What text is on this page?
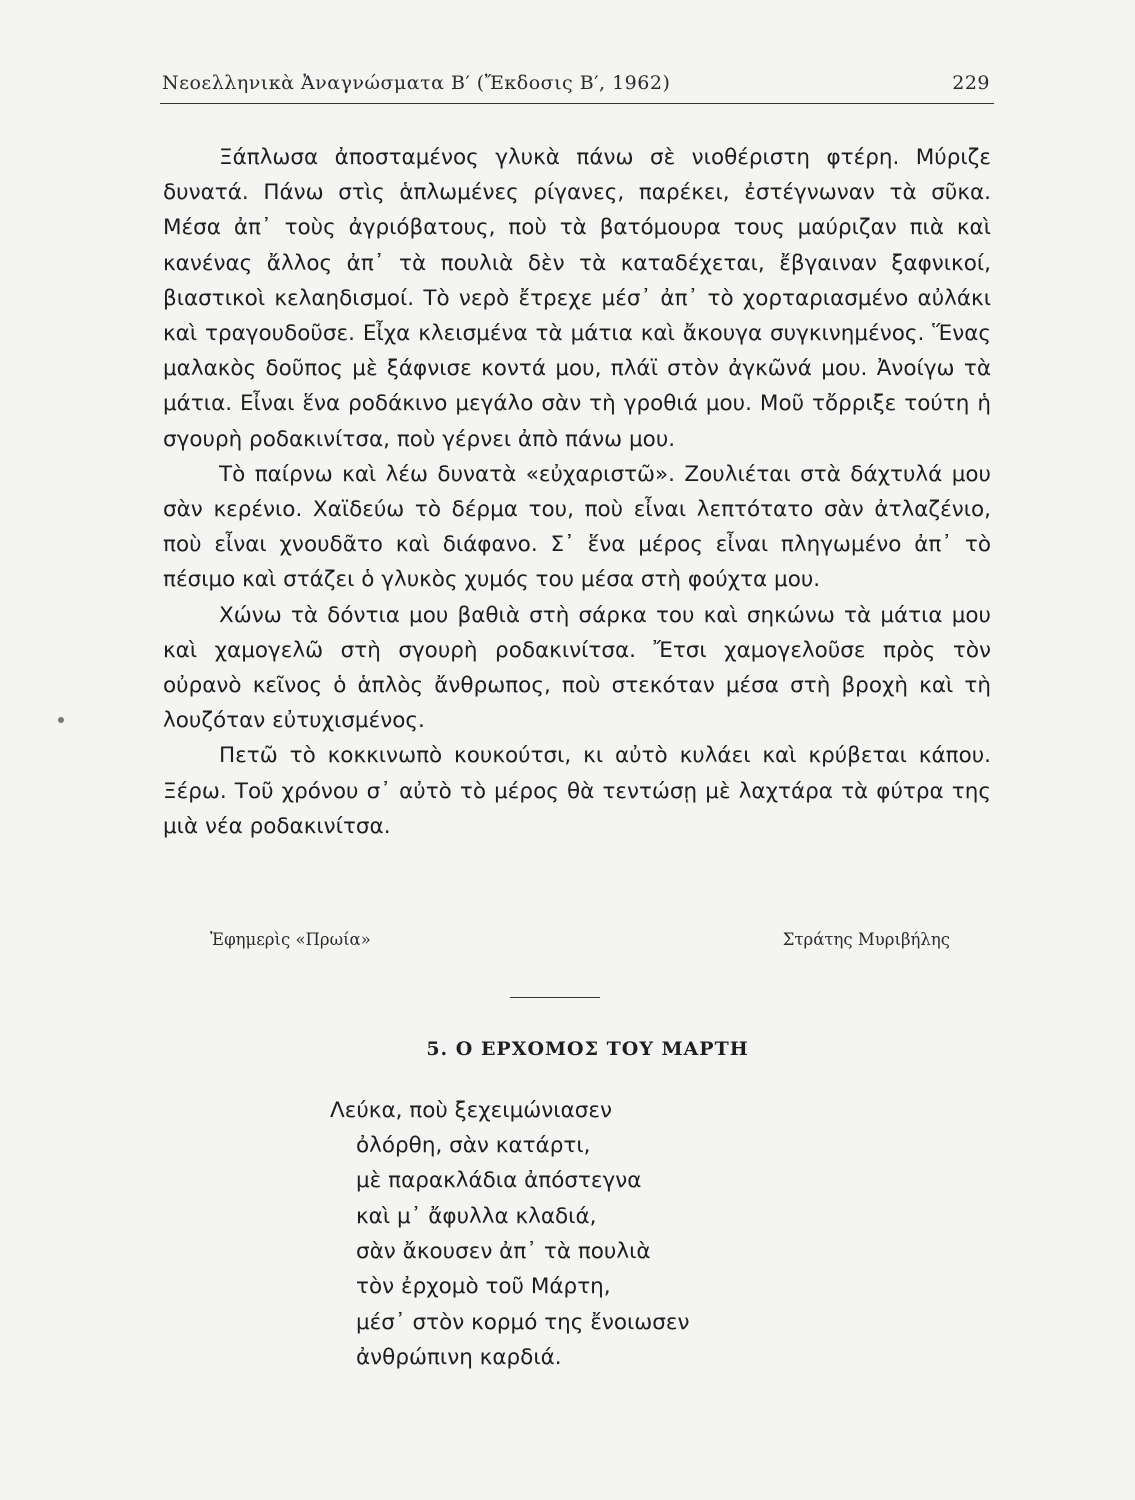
Νεοελληνικὰ Ἀναγνώσματα Β′ (Ἔκδοσις Β′, 1962)	229

Ξάπλωσα ἀποσταμένος γλυκὰ πάνω σὲ νιοθέριστη φτέρη. Μύριζε δυνατά. Πάνω στὶς ἁπλωμένες ρίγανες, παρέκει, ἐστέγνωναν τὰ σῦκα. Μέσα ἀπ᾽ τοὺς ἀγριόβατους, ποὺ τὰ βατόμουρα τους μαύριζαν πιὰ καὶ κανένας ἄλλος ἀπ᾽ τὰ πουλιὰ δὲν τὰ καταδέχεται, ἔβγαιναν ξαφνικοί, βιαστικοὶ κελαηδισμοί. Τὸ νερὸ ἔτρεχε μέσ᾽ ἀπ᾽ τὸ χορταριασμένο αὐλάκι καὶ τραγουδοῦσε. Εἶχα κλεισμένα τὰ μάτια καὶ ἄκουγα συγκινημένος. Ἕνας μαλακὸς δοῦπος μὲ ξάφνισε κοντά μου, πλάϊ στὸν ἀγκῶνά μου. Ἀνοίγω τὰ μάτια. Εἶναι ἕνα ροδάκινο μεγάλο σὰν τὴ γροθιά μου. Μοῦ τὄρριξε τούτη ἡ σγουρὴ ροδακινίτσα, ποὺ γέρνει ἀπὸ πάνω μου.

Τὸ παίρνω καὶ λέω δυνατὰ «εὐχαριστῶ». Ζουλιέται στὰ δάχτυλά μου σὰν κερένιο. Χαϊδεύω τὸ δέρμα του, ποὺ εἶναι λεπτότατο σὰν ἀτλαζένιο, ποὺ εἶναι χνουδᾶτο καὶ διάφανο. Σ᾽ ἕνα μέρος εἶναι πληγωμένο ἀπ᾽ τὸ πέσιμο καὶ στάζει ὁ γλυκὸς χυμός του μέσα στὴ φούχτα μου.

Χώνω τὰ δόντια μου βαθιὰ στὴ σάρκα του καὶ σηκώνω τὰ μάτια μου καὶ χαμογελῶ στὴ σγουρὴ ροδακινίτσα. Ἔτσι χαμογελοῦσε πρὸς τὸν οὐρανὸ κεῖνος ὁ ἁπλὸς ἄνθρωπος, ποὺ στεκόταν μέσα στὴ βροχὴ καὶ τὴ λουζόταν εὐτυχισμένος.

Πετῶ τὸ κοκκινωπὸ κουκούτσι, κι αὐτὸ κυλάει καὶ κρύβεται κάπου. Ξέρω. Τοῦ χρόνου σ᾽ αὐτὸ τὸ μέρος θὰ τεντώσῃ μὲ λαχτάρα τὰ φύτρα της μιὰ νέα ροδακινίτσα.

Ἐφημερὶς «Πρωία»	Στράτης Μυριβήλης
5. Ο ΕΡΧΟΜΟΣ ΤΟΥ ΜΑΡΤΗ
Λεύκα, ποὺ ξεχειμώνιασεν
ὀλόρθη, σὰν κατάρτι,
μὲ παρακλάδια ἀπόστεγνα
καὶ μ᾽ ἄφυλλα κλαδιά,
σὰν ἄκουσεν ἀπ᾽ τὰ πουλιὰ
τὸν ἐρχομὸ τοῦ Μάρτη,
μέσ᾽ στὸν κορμό της ἔνοιωσεν
ἀνθρώπινη καρδιά.
